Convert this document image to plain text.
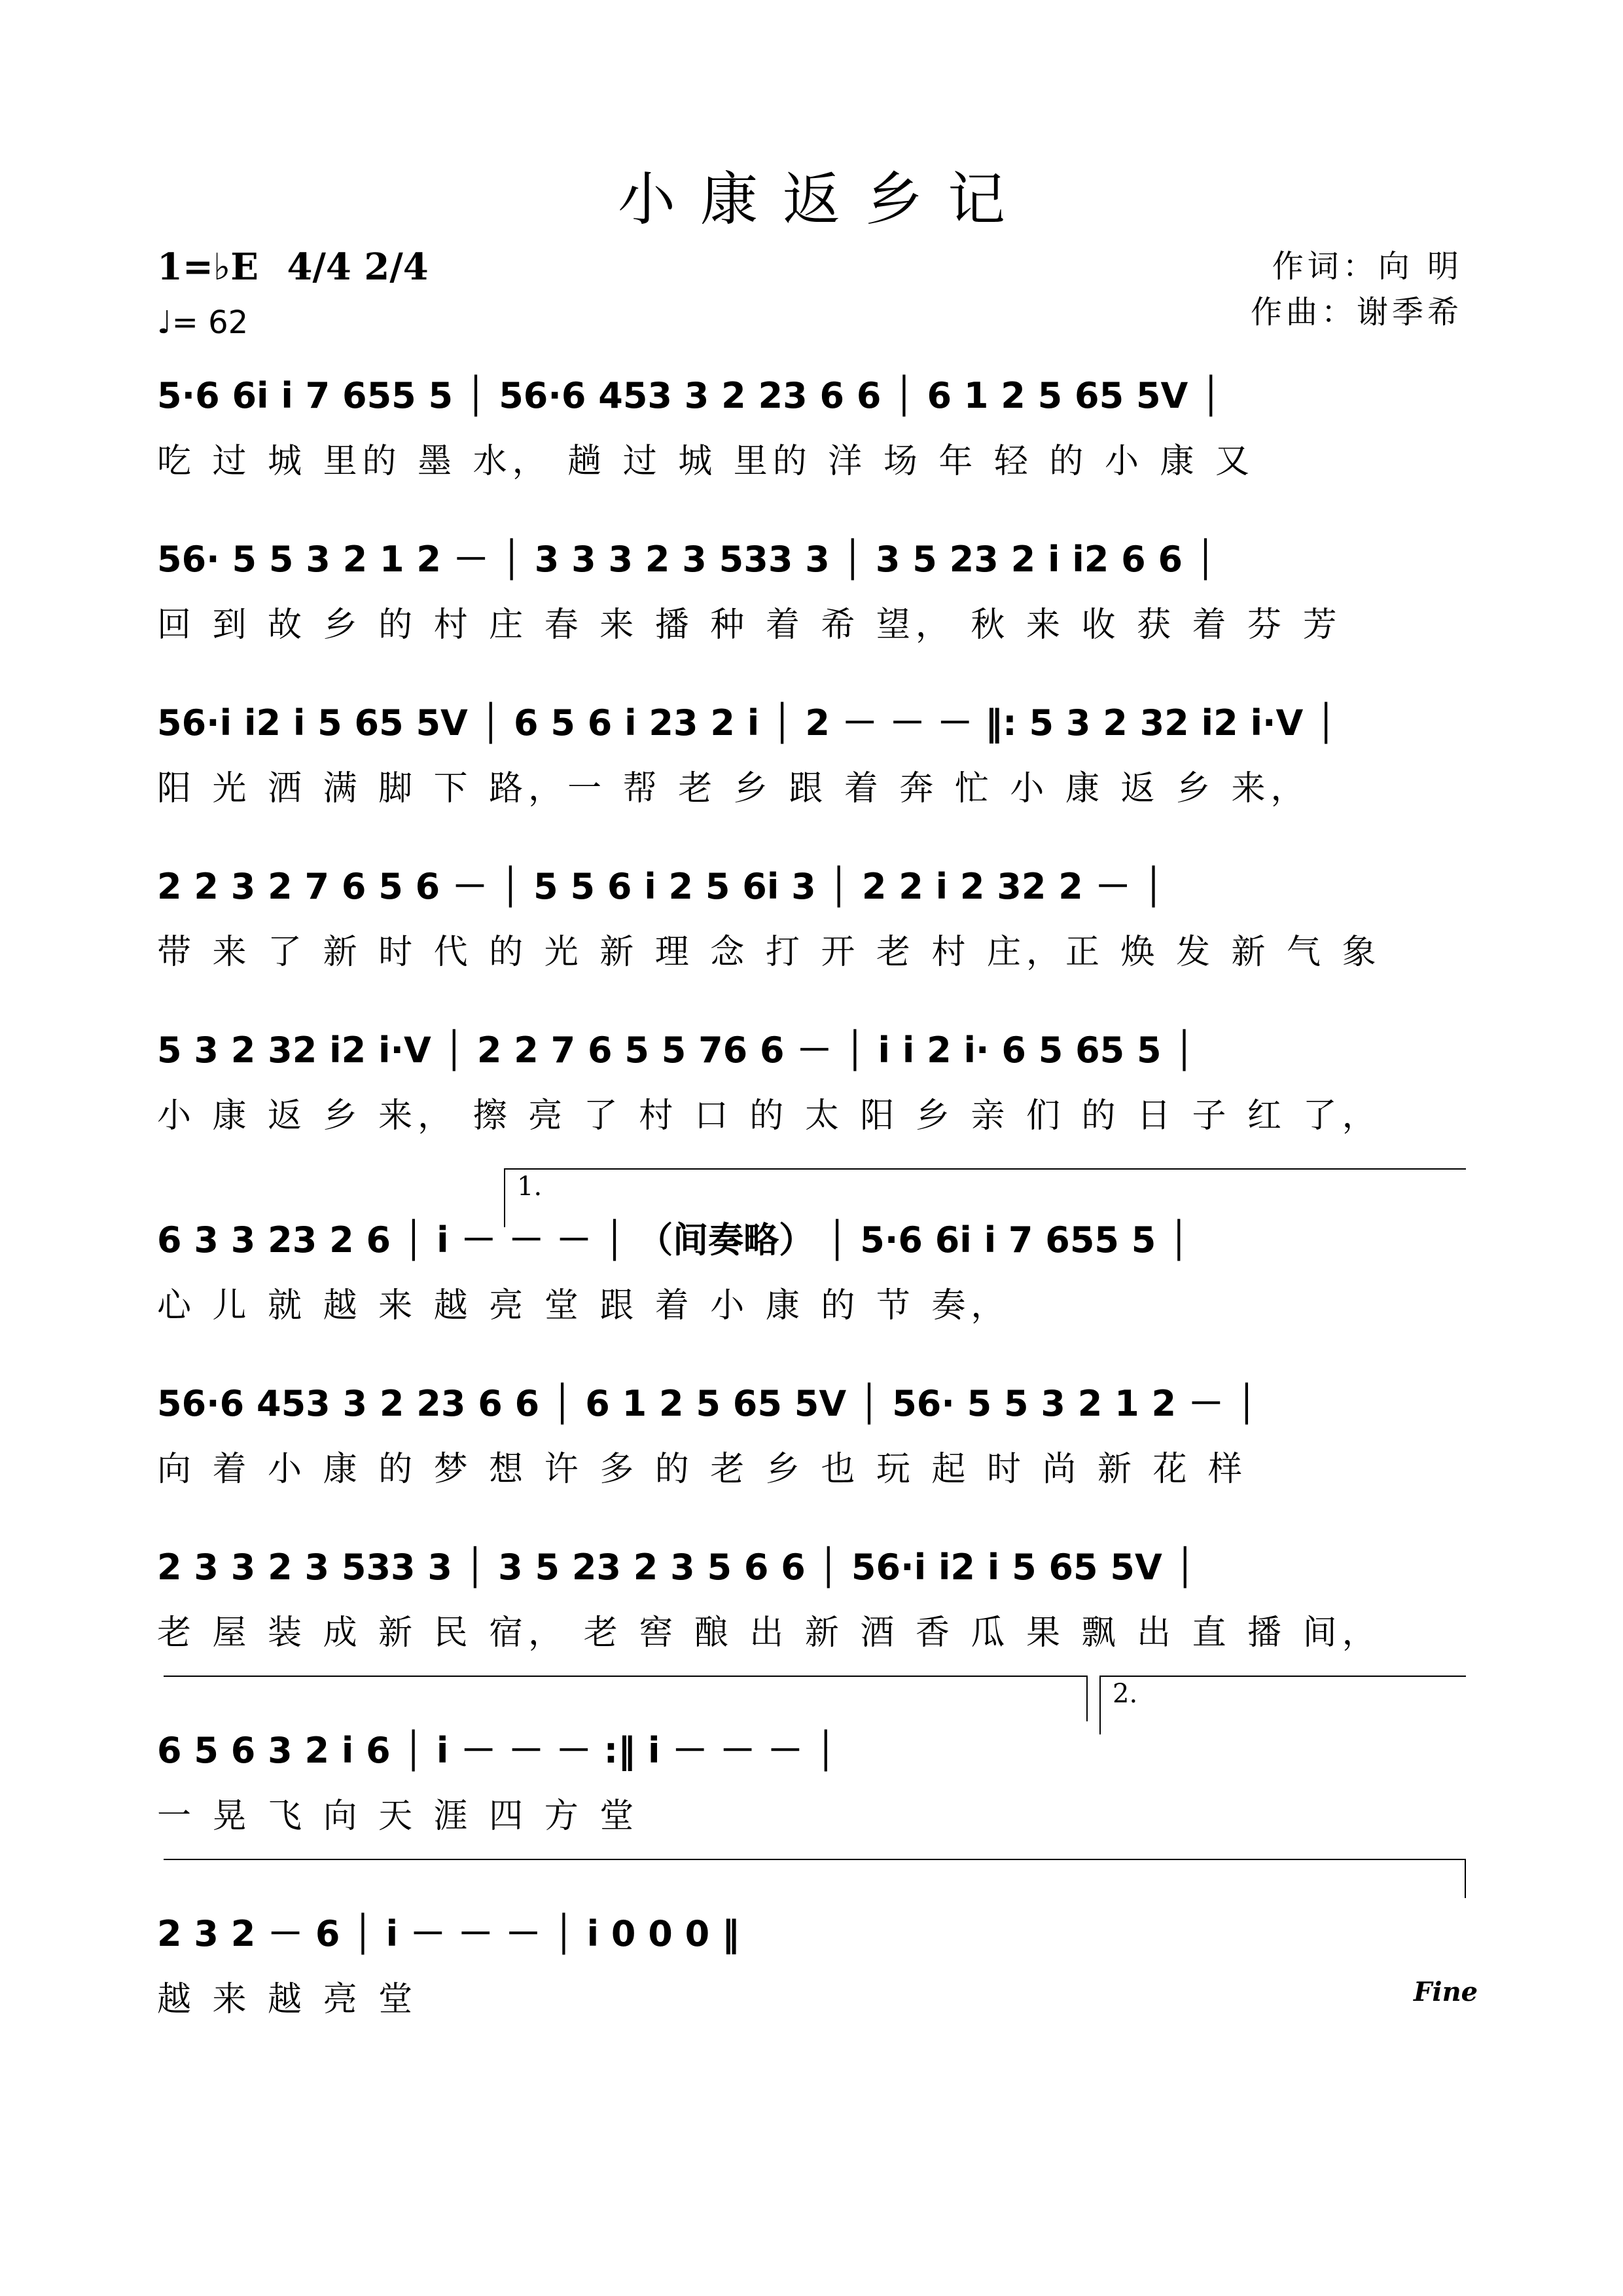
小康返乡记
1=♭E 4/4 2/4
♩= 62
作词：向 明
作曲：谢季希
5·6 6i i 7 655 5 │ 56·6 453 3 2 23 6 6 │ 6 1 2 5 65 5ᐯ │
吃 过 城 里的 墨 水， 趟 过 城 里的 洋 场 年 轻 的 小 康 又
56· 5 5 3 2 1 2 － │ 3 3 3 2 3 533 3 │ 3 5 23 2 i i2 6 6 │
回 到 故 乡 的 村 庄 春 来 播 种 着 希 望， 秋 来 收 获 着 芬 芳
56·i i2 i 5 65 5ᐯ │ 6 5 6 i 23 2 i │ 2 － － － ‖: 5 3 2 32 i2 i·ᐯ │
阳 光 洒 满 脚 下 路，一 帮 老 乡 跟 着 奔 忙 小 康 返 乡 来，
2 2 3 2 7 6 5 6 － │ 5 5 6 i 2 5 6i 3 │ 2 2 i 2 32 2 － │
带 来 了 新 时 代 的 光 新 理 念 打 开 老 村 庄，正 焕 发 新 气 象
5 3 2 32 i2 i·ᐯ │ 2 2 7 6 5 5 76 6 － │ i i 2 i· 6 5 65 5 │
小 康 返 乡 来， 擦 亮 了 村 口 的 太 阳 乡 亲 们 的 日 子 红 了，
1.
6 3 3 23 2 6 │ i － － － │ （间奏略） │ 5·6 6i i 7 655 5 │
心 儿 就 越 来 越 亮 堂 跟 着 小 康 的 节 奏，
56·6 453 3 2 23 6 6 │ 6 1 2 5 65 5ᐯ │ 56· 5 5 3 2 1 2 － │
向 着 小 康 的 梦 想 许 多 的 老 乡 也 玩 起 时 尚 新 花 样
2 3 3 2 3 533 3 │ 3 5 23 2 3 5 6 6 │ 56·i i2 i 5 65 5ᐯ │
老 屋 装 成 新 民 宿， 老 窖 酿 出 新 酒 香 瓜 果 飘 出 直 播 间，
2.
6 5 6 3 2 i 6 │ i － － － :‖ i － － － │
一 晃 飞 向 天 涯 四 方 堂
2 3 2 － 6 │ i － － － │ i 0 0 0 ‖
越 来 越 亮 堂	Fine
